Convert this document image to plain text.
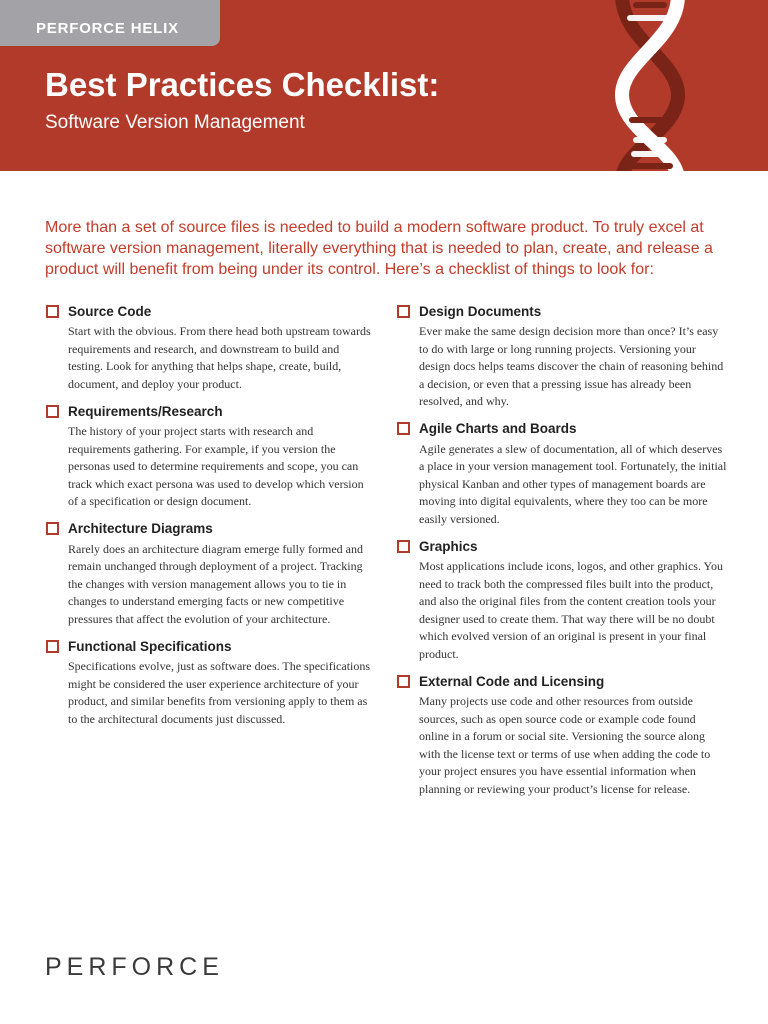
PERFORCE HELIX
Best Practices Checklist:
Software Version Management
More than a set of source files is needed to build a modern software product. To truly excel at software version management, literally everything that is needed to plan, create, and release a product will benefit from being under its control. Here’s a checklist of things to look for:
Source Code
Start with the obvious. From there head both upstream towards requirements and research, and downstream to build and testing. Look for anything that helps shape, create, build, document, and deploy your product.
Requirements/Research
The history of your project starts with research and requirements gathering. For example, if you version the personas used to determine requirements and scope, you can track which exact persona was used to develop which version of a specification or design document.
Architecture Diagrams
Rarely does an architecture diagram emerge fully formed and remain unchanged through deployment of a project. Tracking the changes with version management allows you to tie in changes to understand emerging facts or new competitive pressures that affect the evolution of your architecture.
Functional Specifications
Specifications evolve, just as software does. The specifications might be considered the user experience architecture of your product, and similar benefits from versioning apply to them as to the architectural documents just discussed.
Design Documents
Ever make the same design decision more than once? It’s easy to do with large or long running projects. Versioning your design docs helps teams discover the chain of reasoning behind a decision, or even that a pressing issue has already been resolved, and why.
Agile Charts and Boards
Agile generates a slew of documentation, all of which deserves a place in your version management tool. Fortunately, the initial physical Kanban and other types of management boards are moving into digital equivalents, where they too can be more easily versioned.
Graphics
Most applications include icons, logos, and other graphics. You need to track both the compressed files built into the product, and also the original files from the content creation tools your designer used to create them. That way there will be no doubt which evolved version of an original is present in your final product.
External Code and Licensing
Many projects use code and other resources from outside sources, such as open source code or example code found online in a forum or social site. Versioning the source along with the license text or terms of use when adding the code to your project ensures you have essential information when planning or reviewing your product’s license for release.
PERFORCE
